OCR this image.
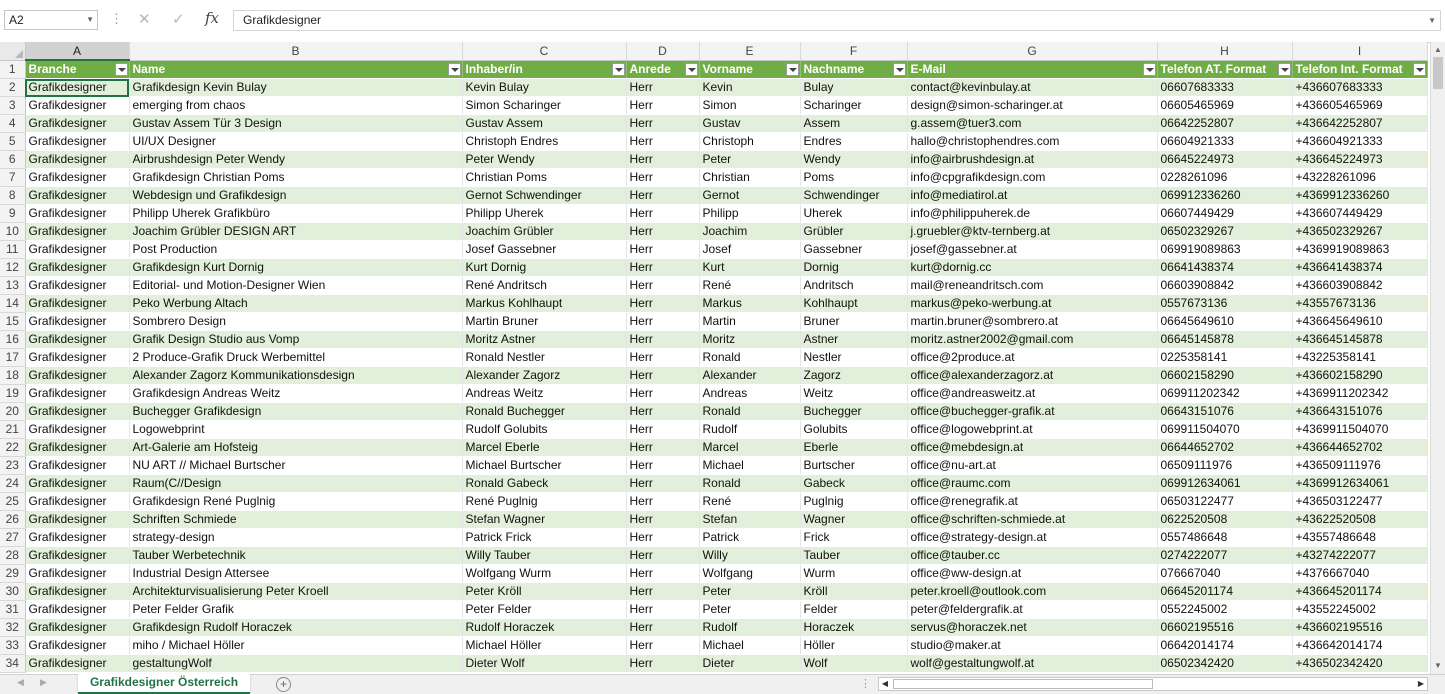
A2	▼ ⋮ ✕ ✓ fx	Grafikdesigner	▼
	A	B	C	D	E	F	G	H	I
1	Branche	Name	Inhaber/in	Anrede	Vorname	Nachname	E-Mail	Telefon AT. Format	Telefon Int. Format

2	Grafikdesigner	Grafikdesign Kevin Bulay	Kevin Bulay	Herr	Kevin	Bulay	contact@kevinbulay.at	06607683333	+436607683333
3	Grafikdesigner	emerging from chaos	Simon Scharinger	Herr	Simon	Scharinger	design@simon-scharinger.at	06605465969	+436605465969
4	Grafikdesigner	Gustav Assem Tür 3 Design	Gustav Assem	Herr	Gustav	Assem	g.assem@tuer3.com	06642252807	+436642252807
5	Grafikdesigner	UI/UX Designer	Christoph Endres	Herr	Christoph	Endres	hallo@christophendres.com	06604921333	+436604921333
6	Grafikdesigner	Airbrushdesign Peter Wendy	Peter Wendy	Herr	Peter	Wendy	info@airbrushdesign.at	06645224973	+436645224973
7	Grafikdesigner	Grafikdesign Christian Poms	Christian Poms	Herr	Christian	Poms	info@cpgrafikdesign.com	0228261096	+43228261096
8	Grafikdesigner	Webdesign und Grafikdesign	Gernot Schwendinger	Herr	Gernot	Schwendinger	info@mediatirol.at	069912336260	+4369912336260
9	Grafikdesigner	Philipp Uherek Grafikbüro	Philipp Uherek	Herr	Philipp	Uherek	info@philippuherek.de	06607449429	+436607449429
10	Grafikdesigner	Joachim Grübler DESIGN ART	Joachim Grübler	Herr	Joachim	Grübler	j.gruebler@ktv-ternberg.at	06502329267	+436502329267
11	Grafikdesigner	Post Production	Josef Gassebner	Herr	Josef	Gassebner	josef@gassebner.at	069919089863	+4369919089863
12	Grafikdesigner	Grafikdesign Kurt Dornig	Kurt Dornig	Herr	Kurt	Dornig	kurt@dornig.cc	06641438374	+436641438374
13	Grafikdesigner	Editorial- und Motion-Designer Wien	René Andritsch	Herr	René	Andritsch	mail@reneandritsch.com	06603908842	+436603908842
14	Grafikdesigner	Peko Werbung Altach	Markus Kohlhaupt	Herr	Markus	Kohlhaupt	markus@peko-werbung.at	0557673136	+43557673136
15	Grafikdesigner	Sombrero Design	Martin Bruner	Herr	Martin	Bruner	martin.bruner@sombrero.at	06645649610	+436645649610
16	Grafikdesigner	Grafik Design Studio aus Vomp	Moritz Astner	Herr	Moritz	Astner	moritz.astner2002@gmail.com	06645145878	+436645145878
17	Grafikdesigner	2 Produce-Grafik Druck Werbemittel	Ronald Nestler	Herr	Ronald	Nestler	office@2produce.at	0225358141	+43225358141
18	Grafikdesigner	Alexander Zagorz Kommunikationsdesign	Alexander Zagorz	Herr	Alexander	Zagorz	office@alexanderzagorz.at	06602158290	+436602158290
19	Grafikdesigner	Grafikdesign Andreas Weitz	Andreas Weitz	Herr	Andreas	Weitz	office@andreasweitz.at	069911202342	+4369911202342
20	Grafikdesigner	Buchegger Grafikdesign	Ronald Buchegger	Herr	Ronald	Buchegger	office@buchegger-grafik.at	06643151076	+436643151076
21	Grafikdesigner	Logowebprint	Rudolf Golubits	Herr	Rudolf	Golubits	office@logowebprint.at	069911504070	+4369911504070
22	Grafikdesigner	Art-Galerie am Hofsteig	Marcel Eberle	Herr	Marcel	Eberle	office@mebdesign.at	06644652702	+436644652702
23	Grafikdesigner	NU ART // Michael Burtscher	Michael Burtscher	Herr	Michael	Burtscher	office@nu-art.at	06509111976	+436509111976
24	Grafikdesigner	Raum(C//Design	Ronald Gabeck	Herr	Ronald	Gabeck	office@raumc.com	069912634061	+4369912634061
25	Grafikdesigner	Grafikdesign René Puglnig	René Puglnig	Herr	René	Puglnig	office@renegrafik.at	06503122477	+436503122477
26	Grafikdesigner	Schriften Schmiede	Stefan Wagner	Herr	Stefan	Wagner	office@schriften-schmiede.at	0622520508	+43622520508
27	Grafikdesigner	strategy-design	Patrick Frick	Herr	Patrick	Frick	office@strategy-design.at	0557486648	+43557486648
28	Grafikdesigner	Tauber Werbetechnik	Willy Tauber	Herr	Willy	Tauber	office@tauber.cc	0274222077	+43274222077
29	Grafikdesigner	Industrial Design Attersee	Wolfgang Wurm	Herr	Wolfgang	Wurm	office@ww-design.at	076667040	+4376667040
30	Grafikdesigner	Architekturvisualisierung Peter Kroell	Peter Kröll	Herr	Peter	Kröll	peter.kroell@outlook.com	06645201174	+436645201174
31	Grafikdesigner	Peter Felder Grafik	Peter Felder	Herr	Peter	Felder	peter@feldergrafik.at	0552245002	+43552245002
32	Grafikdesigner	Grafikdesign Rudolf Horaczek	Rudolf Horaczek	Herr	Rudolf	Horaczek	servus@horaczek.net	06602195516	+436602195516
33	Grafikdesigner	miho / Michael Höller	Michael Höller	Herr	Michael	Höller	studio@maker.at	06642014174	+436642014174
34	Grafikdesigner	gestaltungWolf	Dieter Wolf	Herr	Dieter	Wolf	wolf@gestaltungwolf.at	06502342420	+436502342420
▲
▼
◀ ▶	Grafikdesigner Österreich	+	⋮	◀	▶
